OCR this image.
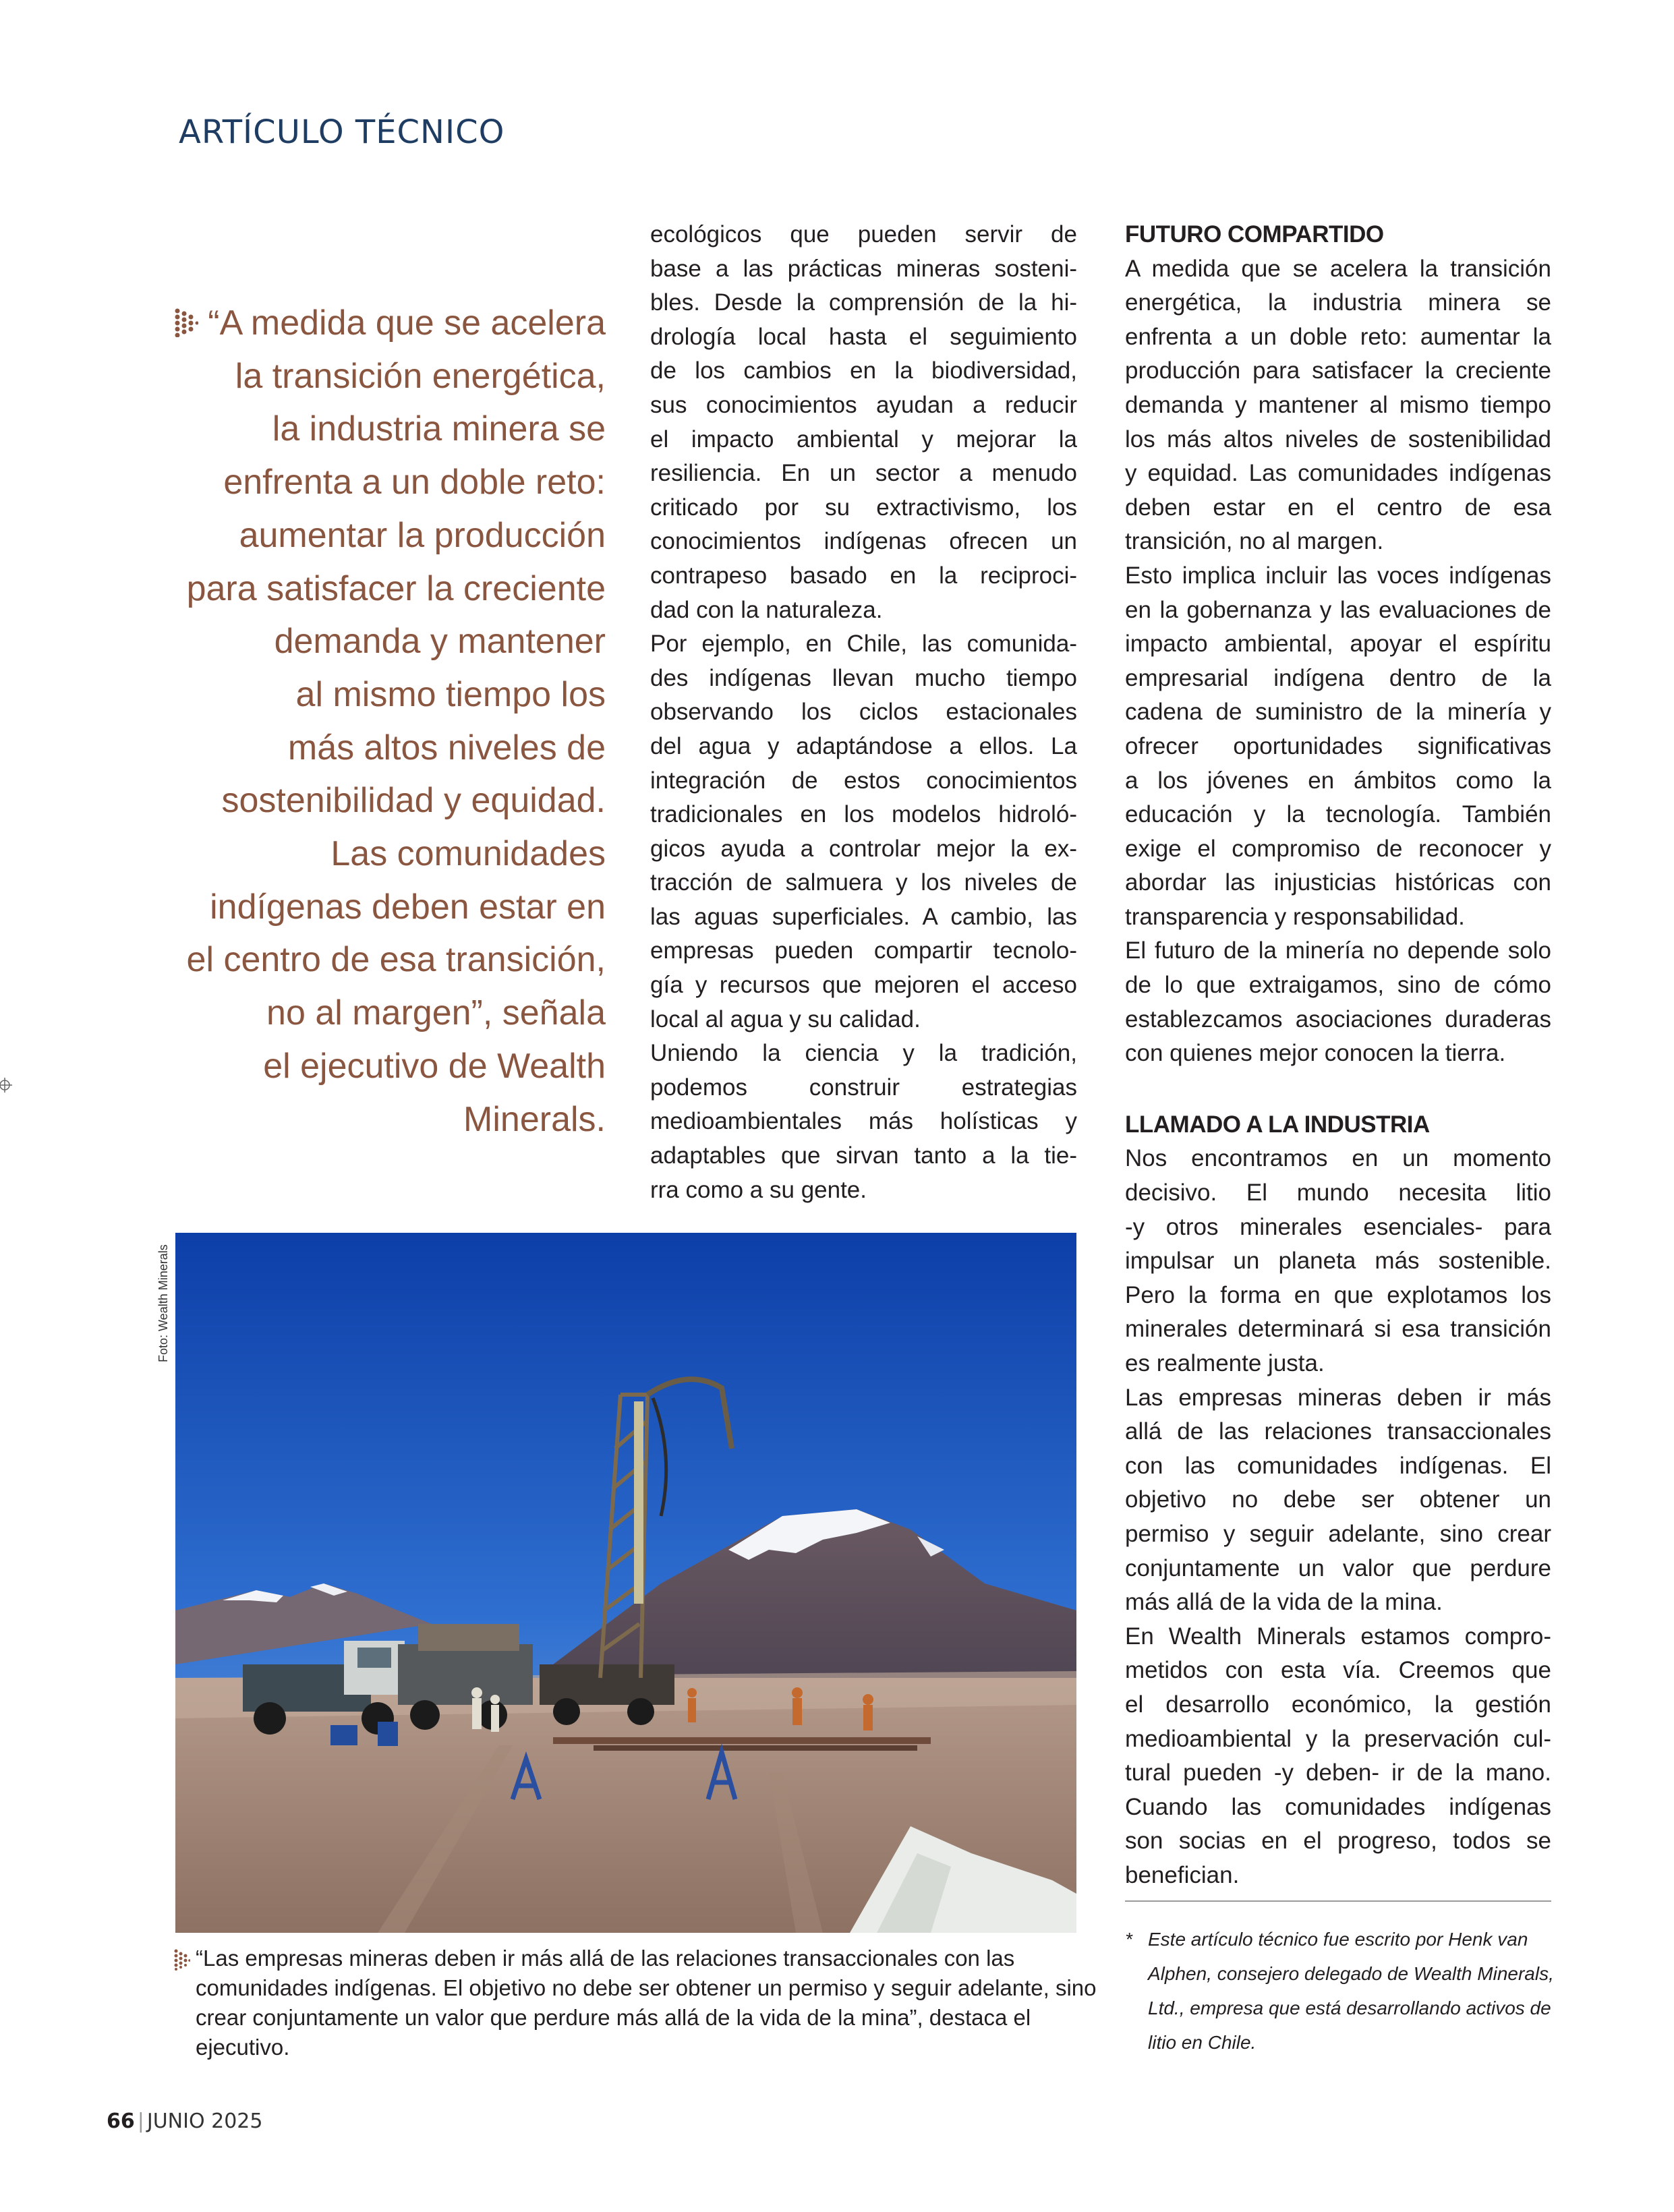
ARTÍCULO TÉCNICO
“A medida que se acelera
la transición energética,
la industria minera se
enfrenta a un doble reto:
aumentar la producción
para satisfacer la creciente
demanda y mantener
al mismo tiempo los
más altos niveles de
sostenibilidad y equidad.
Las comunidades
indígenas deben estar en
el centro de esa transición,
no al margen”, señala
el ejecutivo de Wealth
Minerals.
ecológicos que pueden servir de
base a las prácticas mineras sosteni-
bles. Desde la comprensión de la hi-
drología local hasta el seguimiento
de los cambios en la biodiversidad,
sus conocimientos ayudan a reducir
el impacto ambiental y mejorar la
resiliencia. En un sector a menudo
criticado por su extractivismo, los
conocimientos indígenas ofrecen un
contrapeso basado en la reciproci-
dad con la naturaleza.
Por ejemplo, en Chile, las comunida-
des indígenas llevan mucho tiempo
observando los ciclos estacionales
del agua y adaptándose a ellos. La
integración de estos conocimientos
tradicionales en los modelos hidroló-
gicos ayuda a controlar mejor la ex-
tracción de salmuera y los niveles de
las aguas superficiales. A cambio, las
empresas pueden compartir tecnolo-
gía y recursos que mejoren el acceso
local al agua y su calidad.
Uniendo la ciencia y la tradición,
podemos construir estrategias
medioambientales más holísticas y
adaptables que sirvan tanto a la tie-
rra como a su gente.
FUTURO COMPARTIDO
A medida que se acelera la transición
energética, la industria minera se
enfrenta a un doble reto: aumentar la
producción para satisfacer la creciente
demanda y mantener al mismo tiempo
los más altos niveles de sostenibilidad
y equidad. Las comunidades indígenas
deben estar en el centro de esa
transición, no al margen.
Esto implica incluir las voces indígenas
en la gobernanza y las evaluaciones de
impacto ambiental, apoyar el espíritu
empresarial indígena dentro de la
cadena de suministro de la minería y
ofrecer oportunidades significativas
a los jóvenes en ámbitos como la
educación y la tecnología. También
exige el compromiso de reconocer y
abordar las injusticias históricas con
transparencia y responsabilidad.
El futuro de la minería no depende solo
de lo que extraigamos, sino de cómo
establezcamos asociaciones duraderas
con quienes mejor conocen la tierra.
LLAMADO A LA INDUSTRIA
Nos encontramos en un momento
decisivo. El mundo necesita litio
-y otros minerales esenciales- para
impulsar un planeta más sostenible.
Pero la forma en que explotamos los
minerales determinará si esa transición
es realmente justa.
Las empresas mineras deben ir más
allá de las relaciones transaccionales
con las comunidades indígenas. El
objetivo no debe ser obtener un
permiso y seguir adelante, sino crear
conjuntamente un valor que perdure
más allá de la vida de la mina.
En Wealth Minerals estamos compro-
metidos con esta vía. Creemos que
el desarrollo económico, la gestión
medioambiental y la preservación cul-
tural pueden -y deben- ir de la mano.
Cuando las comunidades indígenas
son socias en el progreso, todos se
benefician.
Foto: Wealth Minerals
“Las empresas mineras deben ir más allá de las relaciones transaccionales con las
comunidades indígenas. El objetivo no debe ser obtener un permiso y seguir adelante, sino
crear conjuntamente un valor que perdure más allá de la vida de la mina”, destaca el
ejecutivo.
* Este artículo técnico fue escrito por Henk van
Alphen, consejero delegado de Wealth Minerals,
Ltd., empresa que está desarrollando activos de
litio en Chile.
66 | JUNIO 2025
